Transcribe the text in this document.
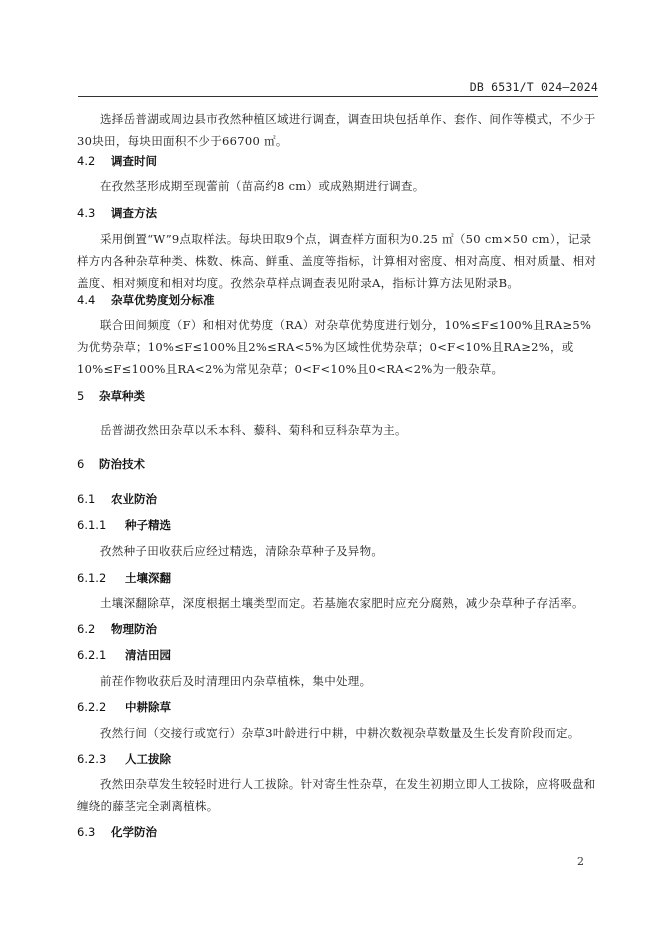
DB 6531/T 024—2024

选择岳普湖或周边县市孜然种植区域进行调查，调查田块包括单作、套作、间作等模式，不少于30块田，每块田面积不少于66700 ㎡。

4.2 调查时间

在孜然茎形成期至现蕾前（苗高约8 cm）或成熟期进行调查。

4.3 调查方法

采用倒置“W”9点取样法。每块田取9个点，调查样方面积为0.25 ㎡（50 cm×50 cm），记录样方内各种杂草种类、株数、株高、鲜重、盖度等指标，计算相对密度、相对高度、相对质量、相对盖度、相对频度和相对均度。孜然杂草样点调查表见附录A，指标计算方法见附录B。

4.4 杂草优势度划分标准

联合田间频度（F）和相对优势度（RA）对杂草优势度进行划分，10%≤F≤100%且RA≥5%为优势杂草；10%≤F≤100%且2%≤RA<5%为区域性优势杂草；0<F<10%且RA≥2%，或10%≤F≤100%且RA<2%为常见杂草；0<F<10%且0<RA<2%为一般杂草。

5 杂草种类

岳普湖孜然田杂草以禾本科、藜科、菊科和豆科杂草为主。

6 防治技术
6.1 农业防治
6.1.1 种子精选

孜然种子田收获后应经过精选，清除杂草种子及异物。

6.1.2 土壤深翻

土壤深翻除草，深度根据土壤类型而定。若基施农家肥时应充分腐熟，减少杂草种子存活率。

6.2 物理防治
6.2.1 清洁田园

前茬作物收获后及时清理田内杂草植株，集中处理。

6.2.2 中耕除草

孜然行间（交接行或宽行）杂草3叶龄进行中耕，中耕次数视杂草数量及生长发育阶段而定。

6.2.3 人工拔除

孜然田杂草发生较轻时进行人工拔除。针对寄生性杂草，在发生初期立即人工拔除，应将吸盘和缠绕的藤茎完全剥离植株。

6.3 化学防治
2
